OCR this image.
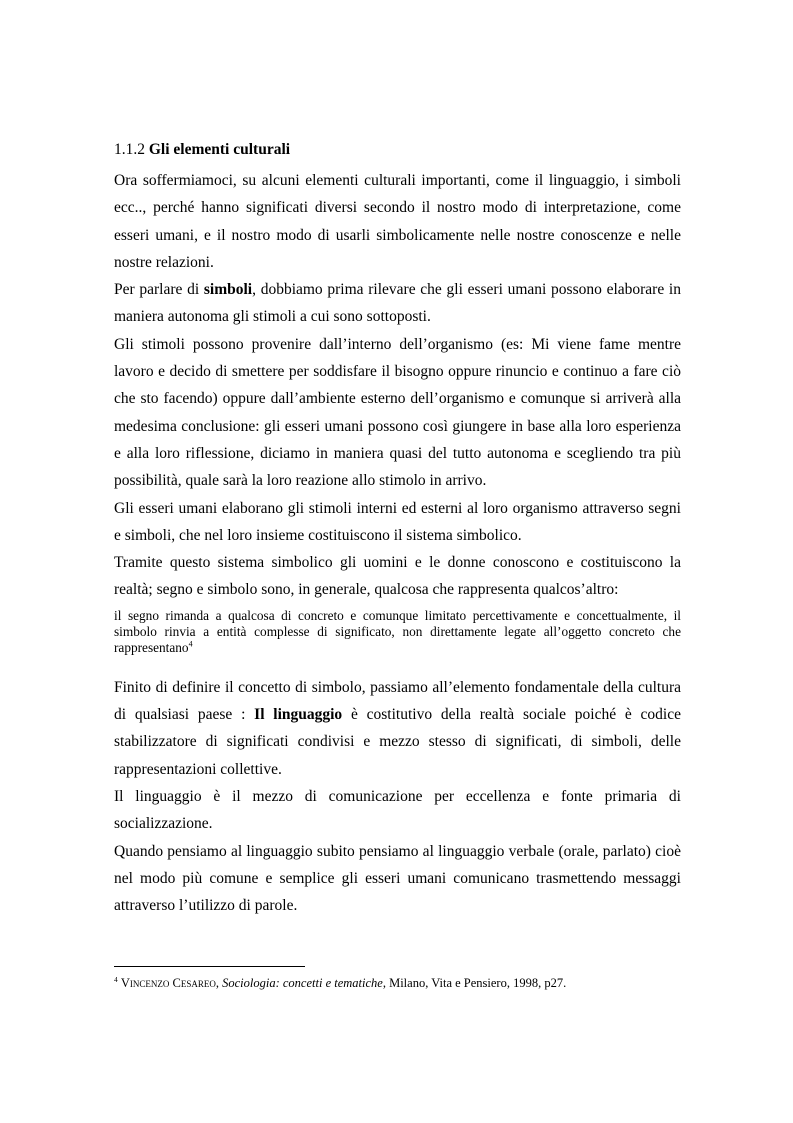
1.1.2 Gli elementi culturali

Ora soffermiamoci, su alcuni elementi culturali importanti, come il linguaggio, i simboli ecc.., perché hanno significati diversi secondo il nostro modo di interpretazione, come esseri umani, e il nostro modo di usarli simbolicamente nelle nostre conoscenze e nelle nostre relazioni.

Per parlare di simboli, dobbiamo prima rilevare che gli esseri umani possono elaborare in maniera autonoma gli stimoli a cui sono sottoposti.

Gli stimoli possono provenire dall’interno dell’organismo (es: Mi viene fame mentre lavoro e decido di smettere per soddisfare il bisogno oppure rinuncio e continuo a fare ciò che sto facendo) oppure dall’ambiente esterno dell’organismo e comunque si arriverà alla medesima conclusione: gli esseri umani possono così giungere in base alla loro esperienza e alla loro riflessione, diciamo in maniera quasi del tutto autonoma e scegliendo tra più possibilità, quale sarà la loro reazione allo stimolo in arrivo.

Gli esseri umani elaborano gli stimoli interni ed esterni al loro organismo attraverso segni e simboli, che nel loro insieme costituiscono il sistema simbolico.

Tramite questo sistema simbolico gli uomini e le donne conoscono e costituiscono la realtà; segno e simbolo sono, in generale, qualcosa che rappresenta qualcos’altro:

il segno rimanda a qualcosa di concreto e comunque limitato percettivamente e concettualmente, il simbolo rinvia a entità complesse di significato, non direttamente legate all’oggetto concreto che rappresentano$^4$

Finito di definire il concetto di simbolo, passiamo all’elemento fondamentale della cultura di qualsiasi paese : Il linguaggio è costitutivo della realtà sociale poiché è codice stabilizzatore di significati condivisi e mezzo stesso di significati, di simboli, delle rappresentazioni collettive.

Il linguaggio è il mezzo di comunicazione per eccellenza e fonte primaria di socializzazione.

Quando pensiamo al linguaggio subito pensiamo al linguaggio verbale (orale, parlato) cioè nel modo più comune e semplice gli esseri umani comunicano trasmettendo messaggi attraverso l’utilizzo di parole.

$^4$ Vincenzo Cesareo, Sociologia: concetti e tematiche, Milano, Vita e Pensiero, 1998, p27.
